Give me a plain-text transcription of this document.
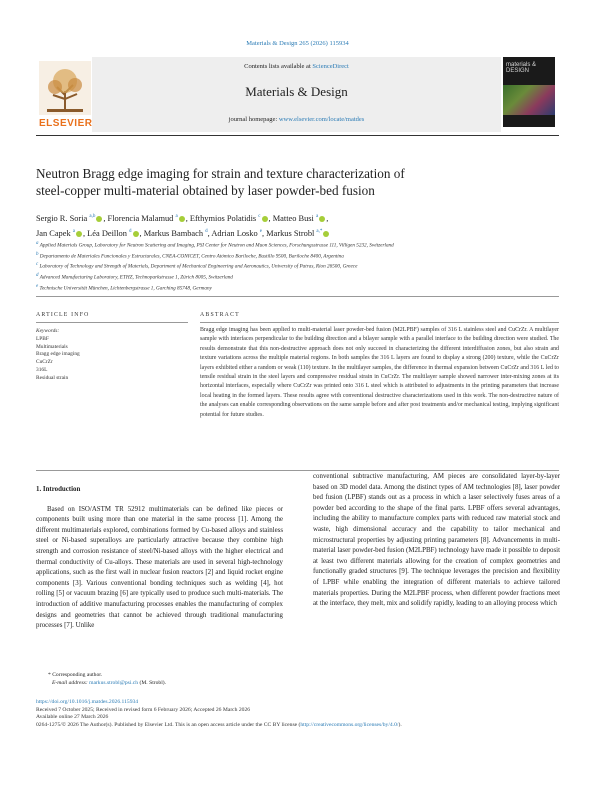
Materials & Design 265 (2026) 115934
ELSEVIER
Contents lists available at ScienceDirect
Materials & Design
journal homepage: www.elsevier.com/locate/matdes
materials & DESIGN
Neutron Bragg edge imaging for strain and texture characterization of
steel-copper multi-material obtained by laser powder-bed fusion
Sergio R. Soria $^{a,b}$ , Florencia Malamud $^a$ , Efthymios Polatidis $^c$ , Matteo Busi $^a$ ,
Jan Capek $^a$ , Léa Deillon $^d$ , Markus Bambach $^d$, Adrian Losko $^e$, Markus Strobl $^{a,*}$
$^a$ Applied Materials Group, Laboratory for Neutron Scattering and Imaging, PSI Center for Neutron and Muon Sciences, Forschungsstrasse 111, Villigen 5232, Switzerland
$^b$ Departamento de Materiales Funcionales y Estructurales, CNEA-CONICET, Centro Atómico Bariloche, Bustillo 9500, Bariloche 8400, Argentina
$^c$ Laboratory of Technology and Strength of Materials, Department of Mechanical Engineering and Aeronautics, University of Patras, Rion 26500, Greece
$^d$ Advanced Manufacturing Laboratory, ETHZ, Technoparkstrasse 1, Zürich 8005, Switzerland
$^e$ Technische Universität München, Lichtenbergstrasse 1, Garching 85748, Germany
ARTICLE INFO	ABSTRACT
Keywords:
LPBF
Multimaterials
Bragg edge imaging
CuCrZr
316L
Residual strain
Bragg edge imaging has been applied to multi-material laser powder-bed fusion (M2LPBF) samples of 316 L stainless steel and CuCrZr. A multilayer sample with interfaces perpendicular to the building direction and a bilayer sample with a parallel interface to the building direction were studied. The results demonstrate that this non-destructive approach does not only succeed in characterizing the different interdiffusion zones, but also strain and texture variations across the multiple material regions. In both samples the 316 L layers are found to display a strong (200) texture, while the CuCrZr layers exhibited either a random or weak (110) texture. In the multilayer samples, the difference in thermal expansion between CuCrZr and 316 L led to tensile residual strain in the steel layers and compressive residual strain in CuCrZr. The multilayer sample showed narrower inter-mixing zones at its horizontal interfaces, especially where CuCrZr was printed onto 316 L steel which is attributed to adjustments in the printing parameters that increase local heating in the formed layers. These results agree with conventional destructive characterizations used in this work. The non-destructive nature of the analyses can enable corresponding observations on the same sample before and after post treatments and/or mechanical testing, implying significant potential for future studies.
1. Introduction
Based on ISO/ASTM TR 52912 multimaterials can be defined like pieces or components built using more than one material in the same process [1]. Among the different multimaterials explored, combinations formed by Cu-based alloys and stainless steel or Ni-based superalloys are particularly attractive because they combine high strength and corrosion resistance of steel/Ni-based alloys with the higher electrical and thermal conductivity of Cu-alloys. These materials are used in several high-technology applications, such as the first wall in nuclear fusion reactors [2] and liquid rocket engine components [3]. Various conventional bonding techniques such as welding [4], hot rolling [5] or vacuum brazing [6] are typically used to produce such multi-materials. The introduction of additive manufacturing processes enables the manufacturing of complex designs and geometries that cannot be achieved through traditional manufacturing processes [7]. Unlike
conventional subtractive manufacturing, AM pieces are consolidated layer-by-layer based on 3D model data. Among the distinct types of AM technologies [8], laser powder bed fusion (LPBF) stands out as a process in which a laser selectively fuses areas of a powder bed according to the shape of the final parts. LPBF offers several advantages, including the ability to manufacture complex parts with reduced raw material stock and waste, high dimensional accuracy and the capability to tailor mechanical and microstructural properties by adjusting printing parameters [8]. Advancements in multi-material laser powder-bed fusion (M2LPBF) technology have made it possible to deposit at least two different materials allowing for the creation of complex geometries and functionally graded structures [9]. The technique leverages the precision and flexibility of LPBF while enabling the integration of different materials to achieve tailored materials properties. During the M2LPBF process, when different powder fractions meet at the interface, they melt, mix and solidify rapidly, leading to an alloying process which
* Corresponding author.
E-mail address: markus.strobl@psi.ch (M. Strobl).
https://doi.org/10.1016/j.matdes.2026.115934
Received 7 October 2025; Received in revised form 6 February 2026; Accepted 26 March 2026
Available online 27 March 2026
0264-1275/© 2026 The Author(s). Published by Elsevier Ltd. This is an open access article under the CC BY license (http://creativecommons.org/licenses/by/4.0/).
